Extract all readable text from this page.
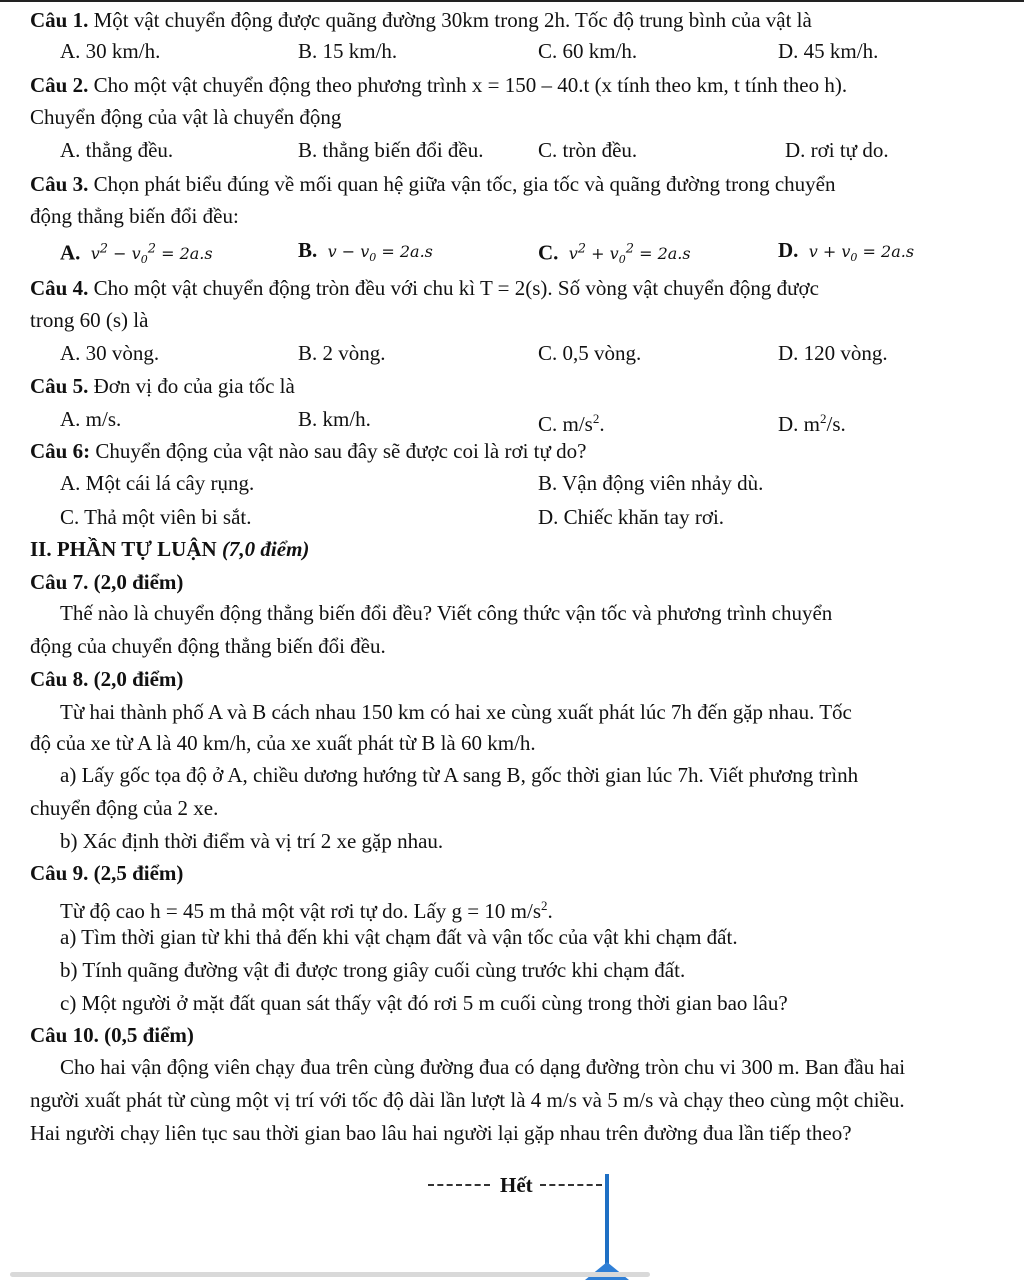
Câu 1. Một vật chuyển động được quãng đường 30km trong 2h. Tốc độ trung bình của vật là
A. 30 km/h.	B. 15 km/h.	C. 60 km/h.	D. 45 km/h.
Câu 2. Cho một vật chuyển động theo phương trình x = 150 – 40.t (x tính theo km, t tính theo h).
Chuyển động của vật là chuyển động
A. thẳng đều.	B. thẳng biến đổi đều.	C. tròn đều.	D. rơi tự do.
Câu 3. Chọn phát biểu đúng về mối quan hệ giữa vận tốc, gia tốc và quãng đường trong chuyển
động thẳng biến đổi đều:
A.  $v^2 - v_0^2 = 2a.s$	B.  $v - v_0 = 2a.s$	C.  $v^2 + v_0^2 = 2a.s$	D.  $v + v_0 = 2a.s$
Câu 4. Cho một vật chuyển động tròn đều với chu kì T = 2(s). Số vòng vật chuyển động được
trong 60 (s) là
A. 30 vòng.	B. 2 vòng.	C. 0,5 vòng.	D. 120 vòng.
Câu 5. Đơn vị đo của gia tốc là
A. m/s.	B. km/h.	C. $m/s^2$.	D. $m^2/s$.
Câu 6: Chuyển động của vật nào sau đây sẽ được coi là rơi tự do?
A. Một cái lá cây rụng.	B. Vận động viên nhảy dù.
C. Thả một viên bi sắt.	D. Chiếc khăn tay rơi.
II. PHẦN TỰ LUẬN (7,0 điểm)
Câu 7. (2,0 điểm)
Thế nào là chuyển động thẳng biến đổi đều? Viết công thức vận tốc và phương trình chuyển
động của chuyển động thẳng biến đổi đều.
Câu 8. (2,0 điểm)
Từ hai thành phố A và B cách nhau 150 km có hai xe cùng xuất phát lúc 7h đến gặp nhau. Tốc
độ của xe từ A là 40 km/h, của xe xuất phát từ B là 60 km/h.
a) Lấy gốc tọa độ ở A, chiều dương hướng từ A sang B, gốc thời gian lúc 7h. Viết phương trình
chuyển động của 2 xe.
b) Xác định thời điểm và vị trí 2 xe gặp nhau.
Câu 9. (2,5 điểm)
Từ độ cao h = 45 m thả một vật rơi tự do. Lấy g = 10 $m/s^2$.
a) Tìm thời gian từ khi thả đến khi vật chạm đất và vận tốc của vật khi chạm đất.
b) Tính quãng đường vật đi được trong giây cuối cùng trước khi chạm đất.
c) Một người ở mặt đất quan sát thấy vật đó rơi 5 m cuối cùng trong thời gian bao lâu?
Câu 10. (0,5 điểm)
Cho hai vận động viên chạy đua trên cùng đường đua có dạng đường tròn chu vi 300 m. Ban đầu hai
người xuất phát từ cùng một vị trí với tốc độ dài lần lượt là 4 m/s và 5 m/s và chạy theo cùng một chiều.
Hai người chạy liên tục sau thời gian bao lâu hai người lại gặp nhau trên đường đua lần tiếp theo?
Hết
